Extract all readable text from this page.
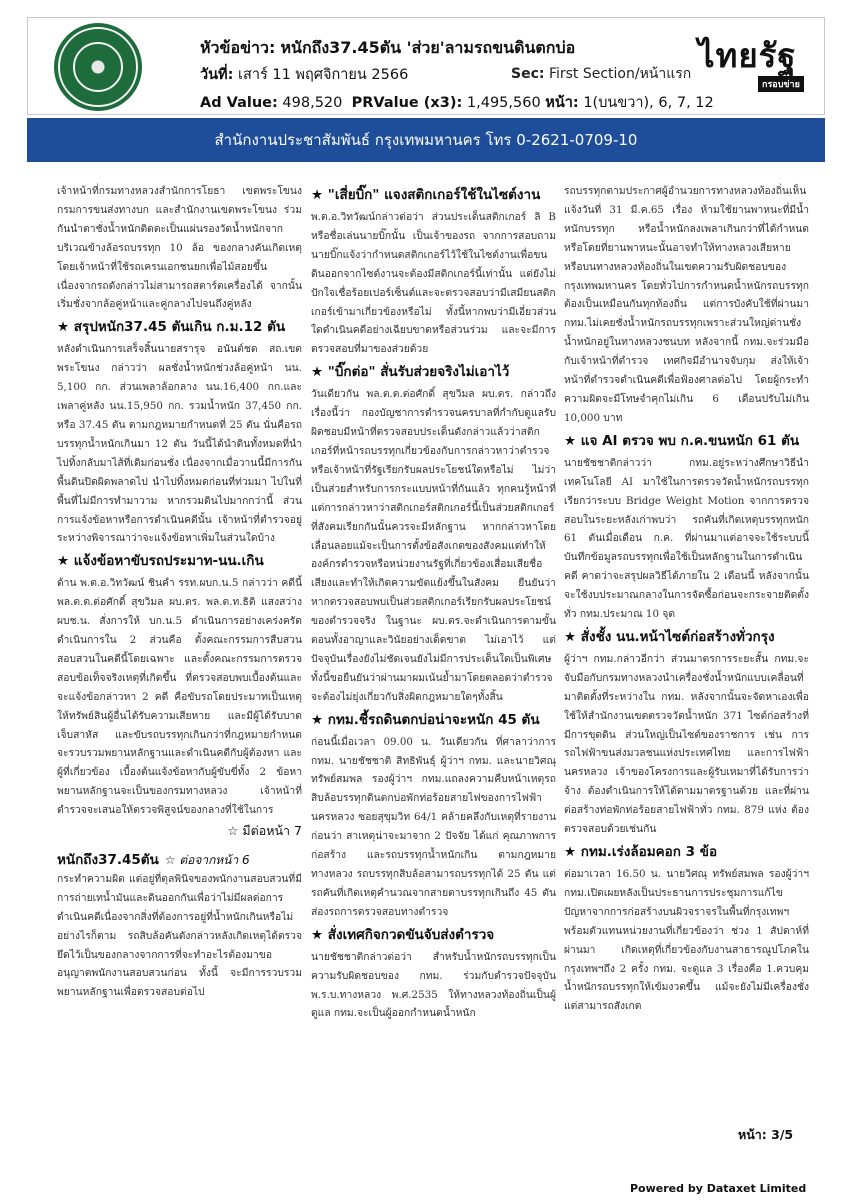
หัวข้อข่าว: หนักถึง37.45ตัน 'ส่วย'ลามรถขนดินตกบ่อ
วันที่: เสาร์ 11 พฤศจิกายน 2566	Sec: First Section/หน้าแรก
Ad Value: 498,520 PRValue (x3): 1,495,560 หน้า: 1(บนขวา), 6, 7, 12
ไทยรัฐ
กรอบข่าย
สำนักงานประชาสัมพันธ์ กรุงเทพมหานคร โทร 0-2621-0709-10

เจ้าหน้าที่กรมทางหลวงสำนักการโยธา เขตพระโขนง กรมการขนส่งทางบก และสำนักงานเขตพระโขนง ร่วมกันนำตาชั่งน้ำหนักติดตะเป็นแผ่นรองวัดน้ำหนักจากบริเวณข้างล้อรถบรรทุก 10 ล้อ ของกลางคันเกิดเหตุ โดยเจ้าหน้าที่ใช้รถเครนเอกชนยกเพื่อไม้สอยขึ้น เนื่องจากรถดังกล่าวไม่สามารถสตาร์ตเครื่องได้ จากนั้นเริ่มชั่งจากล้อคู่หน้าและคู่กลางไปจนถึงคู่หลัง

★ สรุปหนัก37.45 ตันเกิน ก.ม.12 ตัน

หลังดำเนินการเสร็จสิ้นนายสรารุจ อนันต์ชด สถ.เขตพระโขนง กล่าวว่า ผลชั่งน้ำหนักช่วงล้อคู่หน้า นน. 5,100 กก. ส่วนเพลาล้อกลาง นน.16,400 กก.และเพลาคู่หลัง นน.15,950 กก. รวมน้ำหนัก 37,450 กก. หรือ 37.45 ตัน ตามกฎหมายกำหนดที่ 25 ตัน นั่นคือรถบรรทุกน้ำหนักเกินมา 12 ตัน วันนี้ได้นำดินทั้งหมดที่นำไปทิ้งกลับมาไส้ที่เดิมก่อนชั่ง เนื่องจากเมื่อวานนี้มีการกันพื้นดินปิดผิดพลาดไป นำไปทิ้งหมดก่อนที่ท่วมมา ไปในที่พื้นที่ไม่มีการทำมาวาม หากรวมดินไปมากกว่านี้ ส่วนการแจ้งข้อหาหรือการดำเนินคดีนั้น เจ้าหน้าที่ตำรวจอยู่ระหว่างพิจารณาว่าจะแจ้งข้อหาเพิ่มในส่วนใดบ้าง

★ แจ้งข้อหาขับรถประมาท-นน.เกิน

ด้าน พ.ต.อ.วิทวัฒน์ ชินคำ รรท.ผบก.น.5 กล่าวว่า คดีนี้ พล.ต.ต.ต่อศักดิ์ สุขวิมล ผบ.ตร. พล.ต.ท.ธิติ แสงสว่าง ผบช.น. สั่งการให้ บก.น.5 ดำเนินการอย่างเคร่งครัด ดำเนินการใน 2 ส่วนคือ ตั้งคณะกรรมการสืบสวนสอบสวนในคดีนี้โดยเฉพาะ และตั้งคณะกรรมการตรวจสอบข้อเท็จจริงเหตุที่เกิดขึ้น ที่ตรวจสอบพบเบื้องต้นและจะแจ้งข้อกล่าวหา 2 คดี คือขับรถโดยประมาทเป็นเหตุให้ทรัพย์สินผู้อื่นได้รับความเสียหาย และมีผู้ได้รับบาดเจ็บสาหัส และขับรถบรรทุกเกินกว่าที่กฎหมายกำหนด จะรวบรวมพยานหลักฐานและดำเนินคดีกับผู้ต้องหา และผู้ที่เกี่ยวข้อง เบื้องต้นแจ้งข้อหากับผู้ขับขี่ทั้ง 2 ข้อหา พยานหลักฐานจะเป็นของกรมทางหลวง เจ้าหน้าที่ตำรวจจะเสนอให้ตรวจพิสูจน์ของกลางที่ใช้ในการ

☆ มีต่อหน้า 7
หนักถึง37.45ตัน ☆ ต่อจากหน้า 6

กระทำความผิด แต่อยู่ที่ตุลพินิจของพนักงานสอบสวนที่มีการถ่ายเทน้ำมันและดินออกกันเพื่อว่าไม่มีผลต่อการดำเนินคดีเนื่องจากสิ่งที่ต้องการอยู่ที่น้ำหนักเกินหรือไม่ อย่างไรก็ตาม รถสิบล้อคันดังกล่าวหลังเกิดเหตุได้ตรวจยึดไว้เป็นของกลางจากการที่จะทำอะไรต้องมาขออนุญาตพนักงานสอบสวนก่อน ทั้งนี้ จะมีการรวบรวมพยานหลักฐานเพื่อตรวจสอบต่อไป

★ "เสี่ยบิ๊ก" แจงสติกเกอร์ใช้ในไซต์งาน

พ.ต.อ.วิทวัฒน์กล่าวต่อว่า ส่วนประเด็นสติกเกอร์ ลิ B หรือชื่อเล่นนายบิ๊กนั้น เป็นเจ้าของรถ จากการสอบถามนายบิ๊กแจ้งว่ากำหนดสติกเกอร์ไว้ใช้ในไซต์งานเพื่อขนดินออกจากไซต์งานจะต้องมีสติกเกอร์นี้เท่านั้น แต่ยังไม่ปักใจเชื่อร้อยเปอร์เซ็นต์และจะตรวจสอบว่ามีเสมียนสติกเกอร์เข้ามาเกี่ยวข้องหรือไม่ ทั้งนี้หากพบว่ามีเอี่ยวส่วนใดดำเนินคดีอย่างเฉียบขาดหรือส่วนร่วม และจะมีการตรวจสอบที่มาของส่วยด้วย

★ "บิ๊กต่อ" สั่นรับส่วยจริงไม่เอาไว้

วันเดียวกัน พล.ต.ต.ต่อศักดิ์ สุขวิมล ผบ.ตร. กล่าวถึงเรื่องนี้ว่า กองบัญชาการตำรวจนครบาลที่กำกับดูแลรับผิดชอบมีหน้าที่ตรวจสอบประเด็นดังกล่าวแล้วว่าสติกเกอร์ที่หน้ารถบรรทุกเกี่ยวข้องกับการกล่าวหาว่าตำรวจหรือเจ้าหน้าที่รัฐเรียกรับผลประโยชน์ใดหรือไม่ ไม่ว่าเป็นส่วยสำหรับการกระแบบหน้าที่กันแล้ว ทุกคนรู้หน้าที่ แต่การกล่าวหาว่าสติกเกอร์สติกเกอร์นี้เป็นส่วยสติกเกอร์ที่สังคมเรียกกันนั้นควรจะมีหลักฐาน หากกล่าวหาโดยเลื่อนลอยแม้จะเป็นการตั้งข้อสังเกตของสังคมแต่ทำให้องค์กรตำรวจหรือหน่วยงานรัฐที่เกี่ยวข้องเสื่อมเสียชื่อเสียงและทำให้เกิดความขัดแย้งขึ้นในสังคม ยืนยันว่าหากตรวจสอบพบเป็นส่วยสติกเกอร์เรียกรับผลประโยชน์ของตำรวจจริง ในฐานะ ผบ.ตร.จะดำเนินการตามขั้นตอนทั้งอาญาและวินัยอย่างเด็ดขาด ไม่เอาไว้ แต่ปัจจุบันเรื่องยังไม่ชัดเจนยังไม่มีการประเด็นใดเป็นพิเศษ ทั้งนี้ขอยืนยันว่าผ่านมาผมเน้นย้ำมาโดยตลอดว่าตำรวจจะต้องไม่ยุ่งเกี่ยวกับสิ่งผิดกฎหมายใดๆทั้งสิ้น

★ กทม.ชี้รถดินตกบ่อน่าจะหนัก 45 ตัน

ก่อนนี้เมื่อเวลา 09.00 น. วันเดียวกัน ที่ศาลาว่าการ กทม. นายชัชชาติ สิทธิพันธุ์ ผู้ว่าฯ กทม. และนายวิศณุ ทรัพย์สมพล รองผู้ว่าฯ กทม.แถลงความคืบหน้าเหตุรถสิบล้อบรรทุกดินตกบ่อพักท่อร้อยสายไฟของการไฟฟ้านครหลวง ซอยสุขุมวิท 64/1 คล้ายคลึงกับเหตุที่รายงานก่อนว่า สาเหตุน่าจะมาจาก 2 ปัจจัย ได้แก่ คุณภาพการก่อสร้าง และรถบรรทุกน้ำหนักเกิน ตามกฎหมายทางหลวง รถบรรทุกสิบล้อสามารถบรรทุกได้ 25 ตัน แต่รถคันที่เกิดเหตุคำนวณจากสายตาบรรทุกเกินถึง 45 ตัน ส่องรถการตรวจสอบทางตำรวจ

★ สั่งเทศกิจกวดขันจับส่งตำรวจ

นายชัชชาติกล่าวต่อว่า สำหรับน้ำหนักรถบรรทุกเป็นความรับผิดชอบของ กทม. ร่วมกับตำรวจปัจจุบัน พ.ร.บ.ทางหลวง พ.ศ.2535 ให้ทางหลวงท้องถิ่นเป็นผู้ดูแล กทม.จะเป็นผู้ออกกำหนดน้ำหนัก

รถบรรทุกตามประกาศผู้อำนวยการทางหลวงท้องถิ่นเห็นแจ้งวันที่ 31 มี.ค.65 เรื่อง ห้ามใช้ยานพาหนะที่มีน้ำหนักบรรทุก หรือน้ำหนักลงเพลาเกินกว่าที่ได้กำหนด หรือโดยที่ยานพาหนะนั้นอาจทำให้ทางหลวงเสียหายหรือบนทางหลวงท้องถิ่นในเขตความรับผิดชอบของกรุงเทพมหานคร โดยทั่วไปการกำหนดน้ำหนักรถบรรทุกต้องเป็นเหมือนกันทุกท้องถิ่น แต่การบังคับใช้ที่ผ่านมา กทม.ไม่เคยชั่งน้ำหนักรถบรรทุกเพราะส่วนใหญ่ด่านชั่งน้ำหนักอยู่ในทางหลวงชนบท หลังจากนี้ กทม.จะร่วมมือกับเจ้าหน้าที่ตำรวจ เทศกิจมีอำนาจจับกุม ส่งให้เจ้าหน้าที่ตำรวจดำเนินคดีเพื่อฟ้องศาลต่อไป โดยผู้กระทำความผิดจะมีโทษจำคุกไม่เกิน 6 เดือนปรับไม่เกิน 10,000 บาท

★ แจ AI ตรวจ พบ ก.ค.ขนหนัก 61 ตัน

นายชัชชาติกล่าวว่า กทม.อยู่ระหว่างศึกษาวิธีนำเทคโนโลยี AI มาใช้ในการตรวจวัดน้ำหนักรถบรรทุกเรียกว่าระบบ Bridge Weight Motion จากการตรวจสอบในระยะหลังเก่าพบว่า รถคันที่เกิดเหตุบรรทุกหนัก 61 ตันเมื่อเดือน ก.ค. ที่ผ่านมาแต่อาจจะใช้ระบบนี้บันทึกข้อมูลรถบรรทุกเพื่อใช้เป็นหลักฐานในการดำเนินคดี คาดว่าจะสรุปผลวิธีได้ภายใน 2 เดือนนี้ หลังจากนั้นจะใช้งบประมาณกลางในการจัดซื้อก่อนจะกระจายติดตั้งทั่ว กทม.ประมาณ 10 จุด

★ สั่งชั้ง นน.หน้าไซต์ก่อสร้างทั่วกรุง

ผู้ว่าฯ กทม.กล่าวอีกว่า ส่วนมาตรการระยะสั้น กทม.จะจับมือกับกรมทางหลวงนำเครื่องชั่งน้ำหนักแบบเคลื่อนที่มาติดตั้งที่ระหว่างใน กทม. หลังจากนั้นจะจัดหาเองเพื่อใช้ให้สำนักงานเขตตรวจวัดน้ำหนัก 371 ไซต์ก่อสร้างที่มีการขุดดิน ส่วนใหญ่เป็นไซต์ของราชการ เช่น การรถไฟฟ้าขนส่งมวลชนแห่งประเทศไทย และการไฟฟ้านครหลวง เจ้าของโครงการและผู้รับเหมาที่ได้รับการว่าจ้าง ต้องดำเนินการให้ได้ตามมาตรฐานด้วย และที่ผ่านต่อสร้างท่อพักท่อร้อยสายไฟฟ้าทั่ว กทม. 879 แห่ง ต้องตรวจสอบด้วยเช่นกัน

★ กทม.เร่งล้อมคอก 3 ข้อ

ต่อมาเวลา 16.50 น. นายวิศณุ ทรัพย์สมพล รองผู้ว่าฯ กทม.เปิดเผยหลังเป็นประธานการประชุมการแก้ไขปัญหาจากการก่อสร้างบนผิวจราจรในพื้นที่กรุงเทพฯ พร้อมตัวแทนหน่วยงานที่เกี่ยวข้องว่า ช่วง 1 สัปดาห์ที่ผ่านมา เกิดเหตุที่เกี่ยวข้องกับงานสาธารณูปโภคในกรุงเทพฯถึง 2 ครั้ง กทม. จะดูแล 3 เรื่องคือ 1.ควบคุมน้ำหนักรถบรรทุกให้เข้มงวดขึ้น แม้จะยังไม่มีเครื่องชั่งแต่สามารถสังเกต

หน้า: 3/5
Powered by Dataxet Limited
